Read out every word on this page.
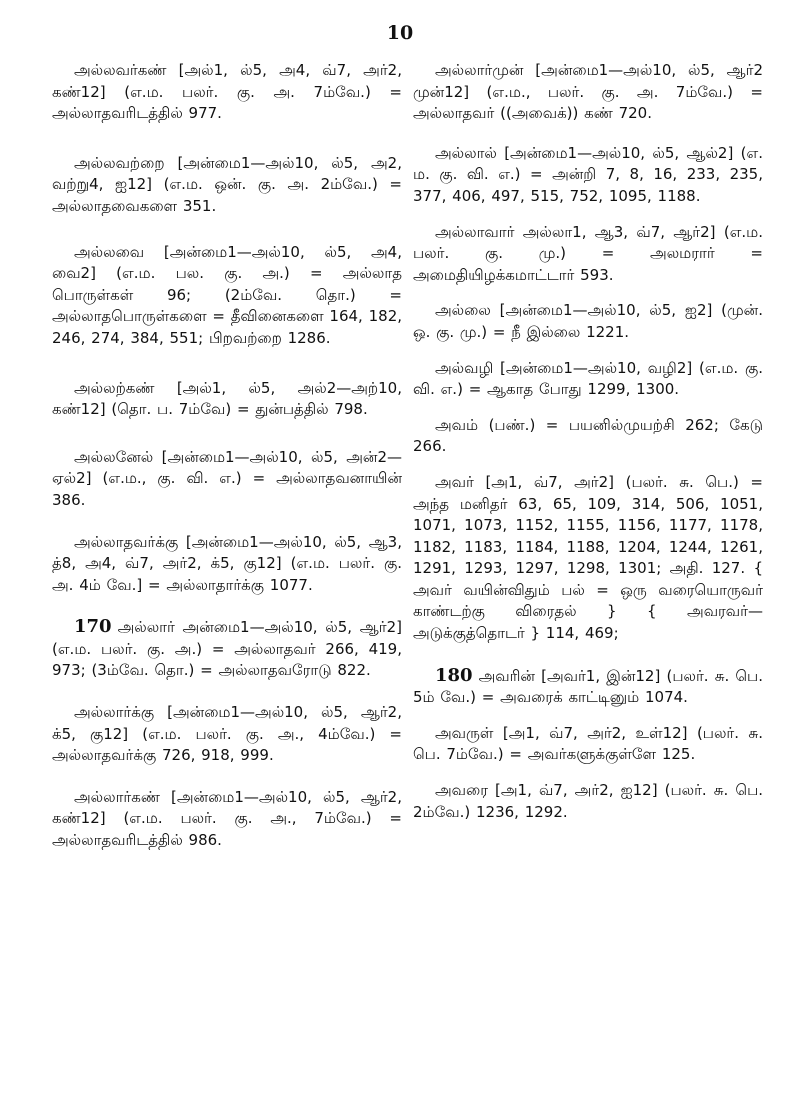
10

அல்லவர்கண் [அல்1, ல்5, அ4, வ்7, அர்2, கண்12] (எ.ம. பலர். கு. அ. 7ம்வே.) = அல்லாதவரிடத்தில் 977.

அல்லவற்றை [அன்மை1—அல்10, ல்5, அ2, வற்று4, ஐ12] (எ.ம. ஒன். கு. அ. 2ம்வே.) = அல்லாதவைகளை 351.

அல்லவை [அன்மை1—அல்10, ல்5, அ4, வை2] (எ.ம. பல. கு. அ.) = அல்லாத பொருள்கள் 96; (2ம்வே. தொ.) = அல்லாதபொருள்களை = தீவினைகளை 164, 182, 246, 274, 384, 551; பிறவற்றை 1286.

அல்லற்கண் [அல்1, ல்5, அல்2—அற்10, கண்12] (தொ. ப. 7ம்வே) = துன்பத்தில் 798.

அல்லனேல் [அன்மை1—அல்10, ல்5, அன்2—ஏல்2] (எ.ம., கு. வி. எ.) = அல்லாதவனாயின் 386.

அல்லாதவர்க்கு [அன்மை1—அல்10, ல்5, ஆ3, த்8, அ4, வ்7, அர்2, க்5, கு12] (எ.ம. பலர். கு. அ. 4ம் வே.] = அல்லாதார்க்கு 1077.

170 அல்லார் அன்மை1—அல்10, ல்5, ஆர்2] (எ.ம. பலர். கு. அ.) = அல்லாதவர் 266, 419, 973; (3ம்வே. தொ.) = அல்லாதவரோடு 822.

அல்லார்க்கு [அன்மை1—அல்10, ல்5, ஆர்2, க்5, கு12] (எ.ம. பலர். கு. அ., 4ம்வே.) = அல்லாதவர்க்கு 726, 918, 999.

அல்லார்கண் [அன்மை1—அல்10, ல்5, ஆர்2, கண்12] (எ.ம. பலர். கு. அ., 7ம்வே.) = அல்லாதவரிடத்தில் 986.

அல்லார்முன் [அன்மை1—அல்10, ல்5, ஆர்2 முன்12] (எ.ம., பலர். கு. அ. 7ம்வே.) = அல்லாதவர் ((அவைக்)) கண் 720.

அல்லால் [அன்மை1—அல்10, ல்5, ஆல்2] (எ. ம. கு. வி. எ.) = அன்றி 7, 8, 16, 233, 235, 377, 406, 497, 515, 752, 1095, 1188.

அல்லாவார் அல்லா1, ஆ3, வ்7, ஆர்2] (எ.ம. பலர். கு. மு.) = அலமரார் = அமைதியிழக்கமாட்டார் 593.

அல்லை [அன்மை1—அல்10, ல்5, ஐ2] (முன். ஒ. கு. மு.) = நீ இல்லை 1221.

அல்வழி [அன்மை1—அல்10, வழி2] (எ.ம. கு. வி. எ.) = ஆகாத போது 1299, 1300.

அவம் (பண்.) = பயனில்முயற்சி 262; கேடு 266.

அவர் [அ1, வ்7, அர்2] (பலர். சு. பெ.) = அந்த மனிதர் 63, 65, 109, 314, 506, 1051, 1071, 1073, 1152, 1155, 1156, 1177, 1178, 1182, 1183, 1184, 1188, 1204, 1244, 1261, 1291, 1293, 1297, 1298, 1301; அதி. 127. { அவர் வயின்விதும் பல் = ஒரு வரையொருவர் காண்டற்கு விரைதல் } { அவரவர்—அடுக்குத்தொடர் } 114, 469;

180 அவரின் [அவர்1, இன்12] (பலர். சு. பெ. 5ம் வே.) = அவரைக் காட்டினும் 1074.

அவருள் [அ1, வ்7, அர்2, உள்12] (பலர். சு. பெ. 7ம்வே.) = அவர்களுக்குள்ளே 125.

அவரை [அ1, வ்7, அர்2, ஐ12] (பலர். சு. பெ. 2ம்வே.) 1236, 1292.
